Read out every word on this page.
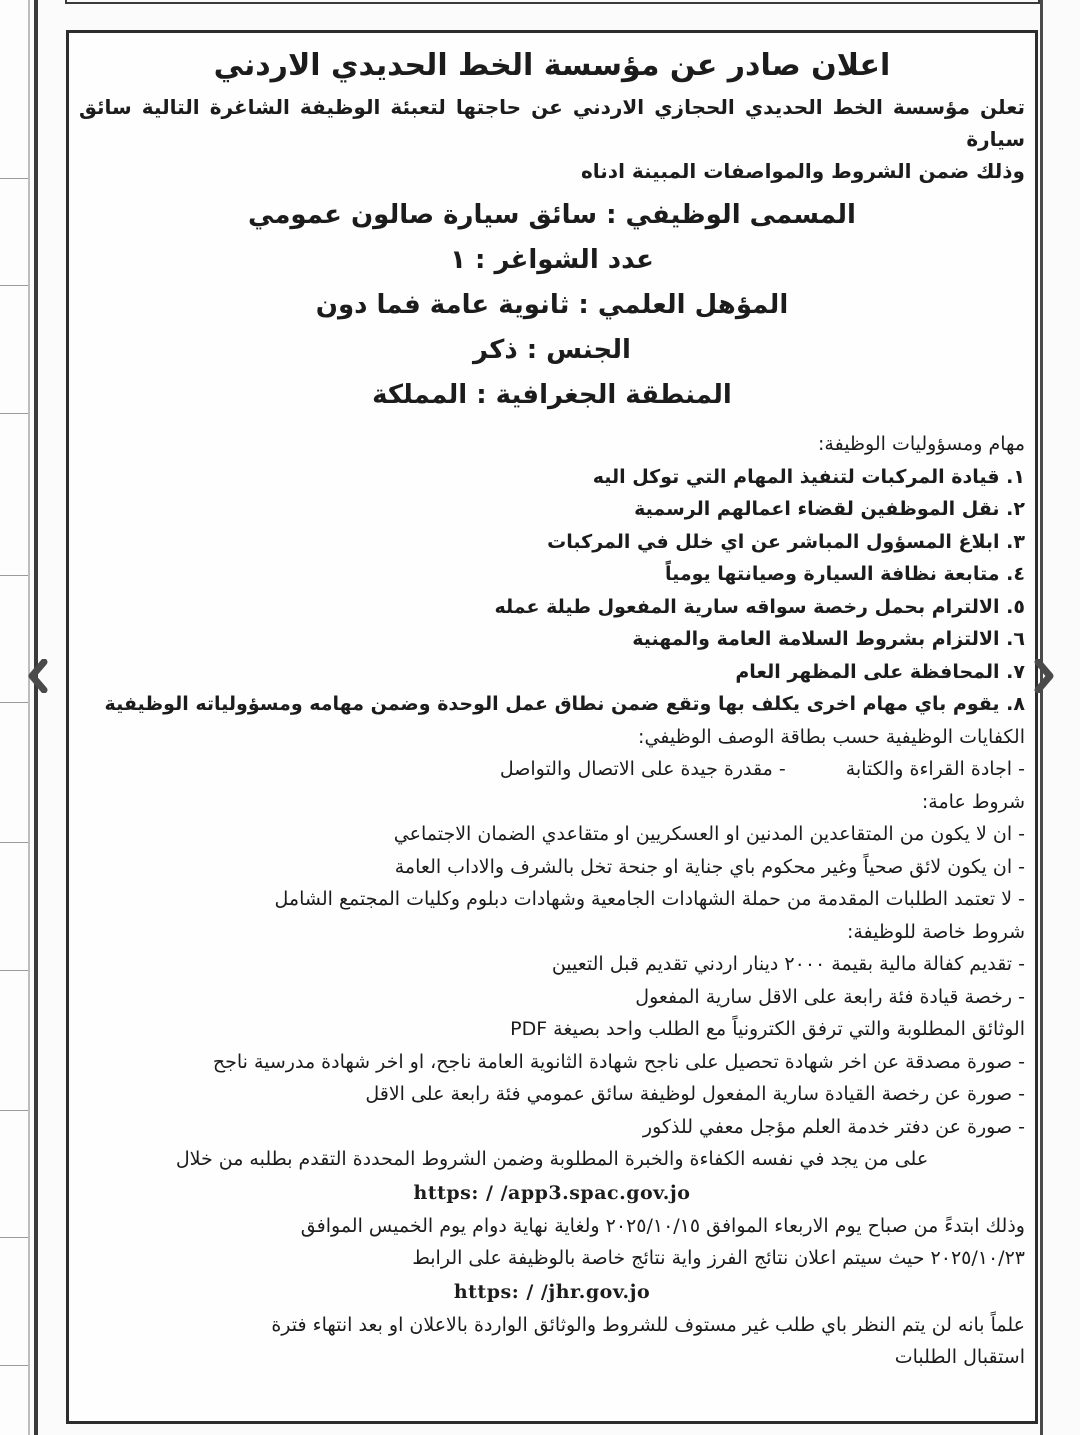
اعلان صادر عن مؤسسة الخط الحديدي الاردني
تعلن مؤسسة الخط الحديدي الحجازي الاردني عن حاجتها لتعبئة الوظيفة الشاغرة التالية سائق سيارة
وذلك ضمن الشروط والمواصفات المبينة ادناه
المسمى الوظيفي : سائق سيارة صالون عمومي
عدد الشواغر : ١
المؤهل العلمي : ثانوية عامة فما دون
الجنس : ذكر
المنطقة الجغرافية : المملكة
مهام ومسؤوليات الوظيفة:
١. قيادة المركبات لتنفيذ المهام التي توكل اليه
٢. نقل الموظفين لقضاء اعمالهم الرسمية
٣. ابلاغ المسؤول المباشر عن اي خلل في المركبات
٤. متابعة نظافة السيارة وصيانتها يومياً
٥. الالترام بحمل رخصة سواقه سارية المفعول طيلة عمله
٦. الالتزام بشروط السلامة العامة والمهنية
٧. المحافظة على المظهر العام
٨. يقوم باي مهام اخرى يكلف بها وتقع ضمن نطاق عمل الوحدة وضمن مهامه ومسؤولياته الوظيفية
الكفايات الوظيفية حسب بطاقة الوصف الوظيفي:
- اجادة القراءة والكتابة- مقدرة جيدة على الاتصال والتواصل
شروط عامة:
- ان لا يكون من المتقاعدين المدنين او العسكريين او متقاعدي الضمان الاجتماعي
- ان يكون لائق صحياً وغير محكوم باي جناية او جنحة تخل بالشرف والاداب العامة
- لا تعتمد الطلبات المقدمة من حملة الشهادات الجامعية وشهادات دبلوم وكليات المجتمع الشامل
شروط خاصة للوظيفة:
- تقديم كفالة مالية بقيمة ٢٠٠٠ دينار اردني تقديم قبل التعيين
- رخصة قيادة فئة رابعة على الاقل سارية المفعول
الوثائق المطلوبة والتي ترفق الكترونياً مع الطلب واحد بصيغة PDF
- صورة مصدقة عن اخر شهادة تحصيل على ناجح شهادة الثانوية العامة ناجح، او اخر شهادة مدرسية ناجح
- صورة عن رخصة القيادة سارية المفعول لوظيفة سائق عمومي فئة رابعة على الاقل
- صورة عن دفتر خدمة العلم مؤجل معفي للذكور
على من يجد في نفسه الكفاءة والخبرة المطلوبة وضمن الشروط المحددة التقدم بطلبه من خلال
https: / /app3.spac.gov.jo
وذلك ابتدءً من صباح يوم الاربعاء الموافق ٢٠٢٥/١٠/١٥ ولغاية نهاية دوام يوم الخميس الموافق
٢٠٢٥/١٠/٢٣ حيث سيتم اعلان نتائج الفرز واية نتائج خاصة بالوظيفة على الرابط
https: / /jhr.gov.jo
علماً بانه لن يتم النظر باي طلب غير مستوف للشروط والوثائق الواردة بالاعلان او بعد انتهاء فترة
استقبال الطلبات
